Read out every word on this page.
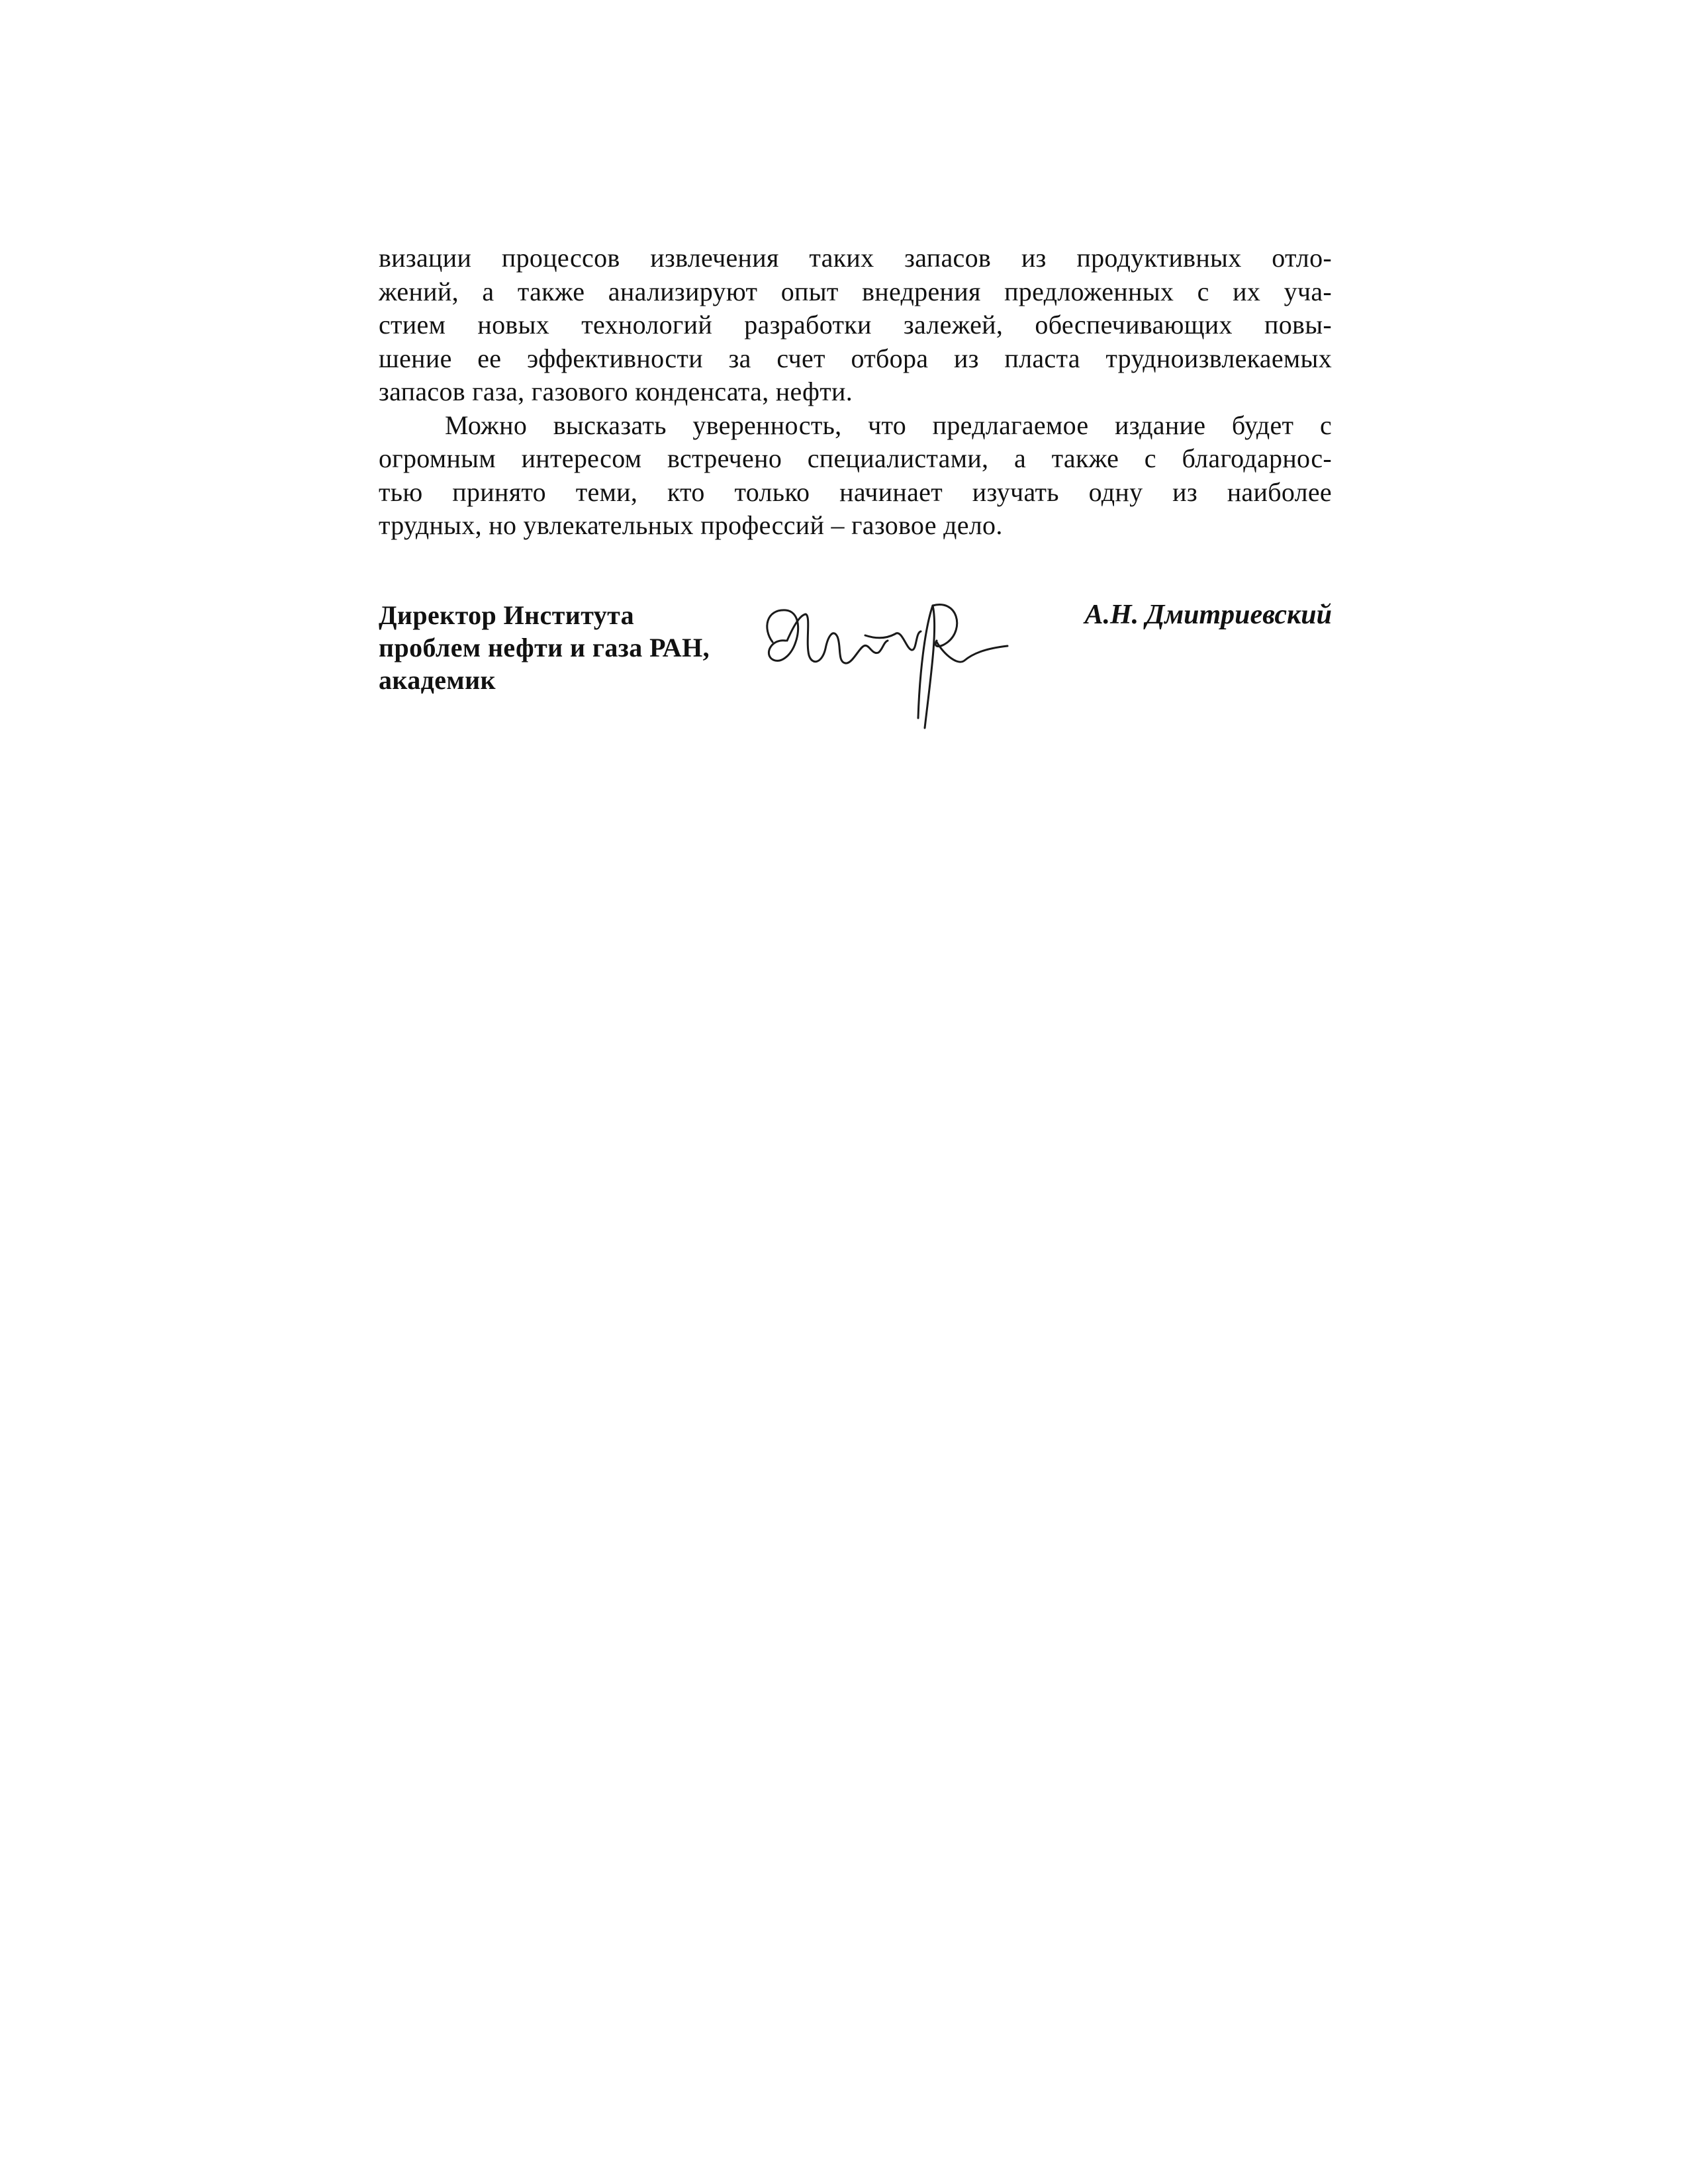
визации процессов извлечения таких запасов из продуктивных отло-
жений, а также анализируют опыт внедрения предложенных с их уча-
стием новых технологий разработки залежей, обеспечивающих повы-
шение ее эффективности за счет отбора из пласта трудноизвлекаемых
запасов газа, газового конденсата, нефти.
Можно высказать уверенность, что предлагаемое издание будет с
огромным интересом встречено специалистами, а также с благодарнос-
тью принято теми, кто только начинает изучать одну из наиболее
трудных, но увлекательных профессий – газовое дело.
Директор Института
проблем нефти и газа РАН,
академик
А.Н. Дмитриевский
